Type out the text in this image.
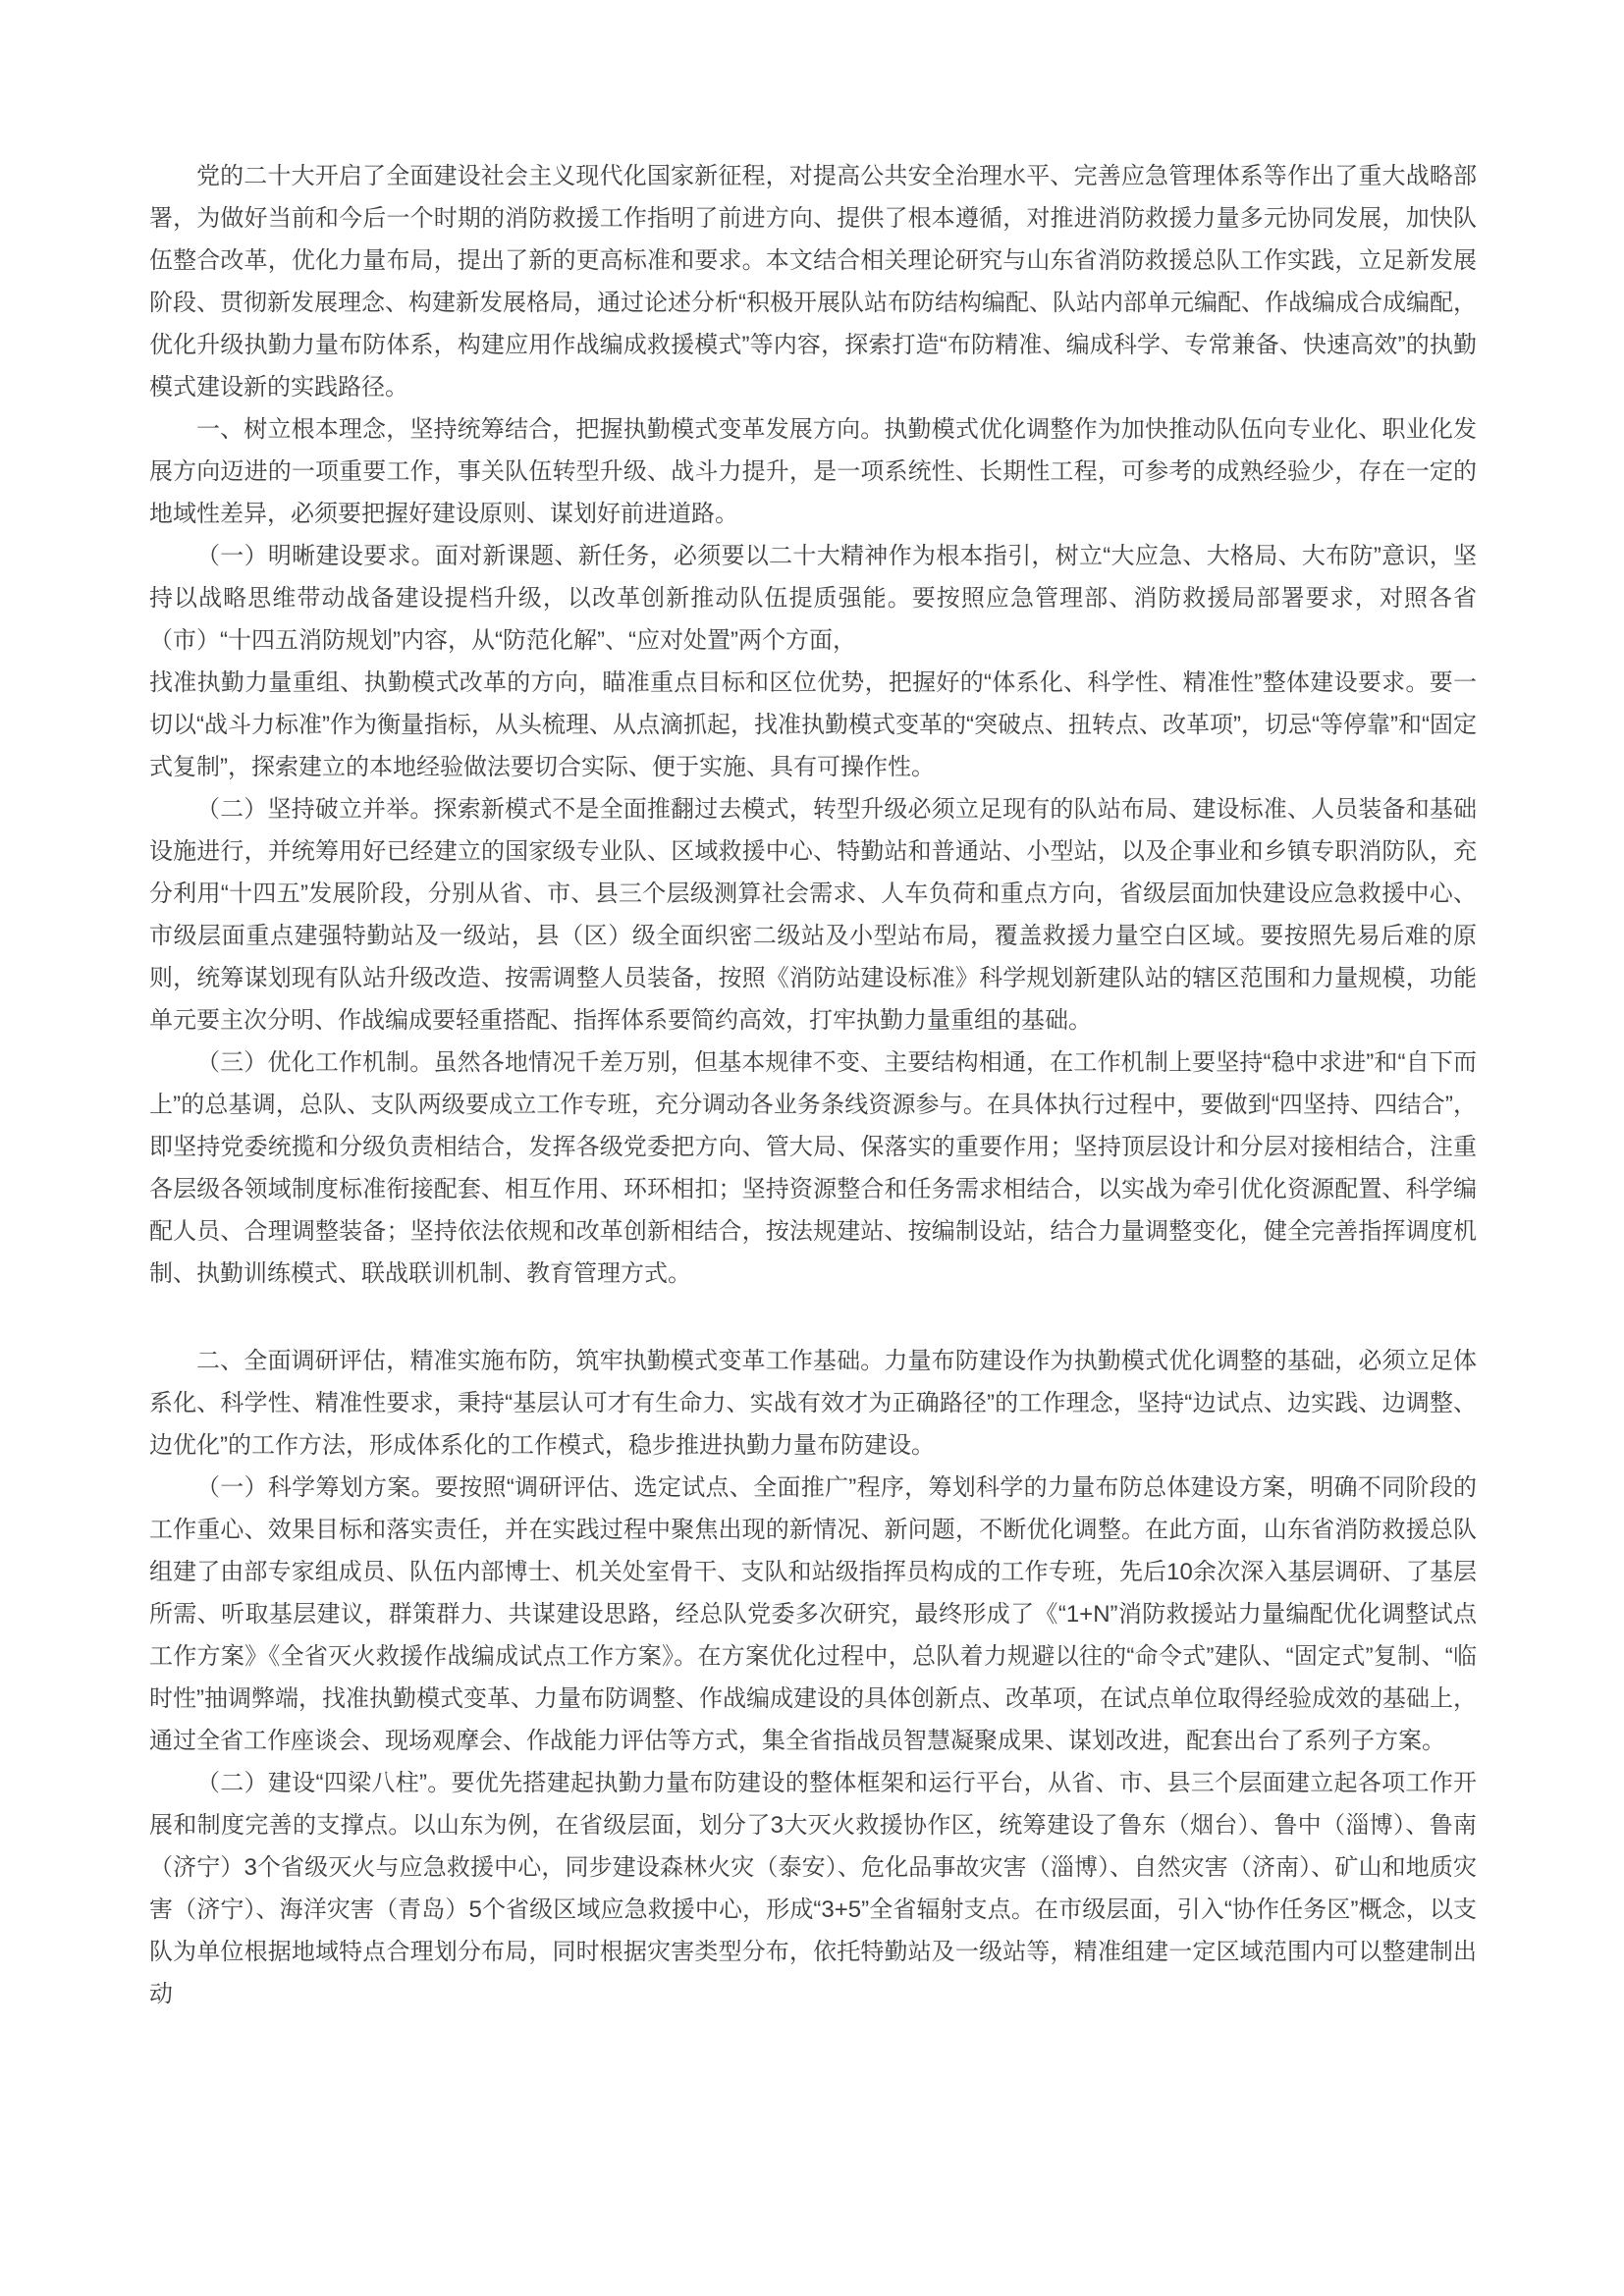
党的二十大开启了全面建设社会主义现代化国家新征程，对提高公共安全治理水平、完善应急管理体系等作出了重大战略部署，为做好当前和今后一个时期的消防救援工作指明了前进方向、提供了根本遵循，对推进消防救援力量多元协同发展，加快队伍整合改革，优化力量布局，提出了新的更高标准和要求。本文结合相关理论研究与山东省消防救援总队工作实践，立足新发展阶段、贯彻新发展理念、构建新发展格局，通过论述分析“积极开展队站布防结构编配、队站内部单元编配、作战编成合成编配，优化升级执勤力量布防体系，构建应用作战编成救援模式”等内容，探索打造“布防精准、编成科学、专常兼备、快速高效”的执勤模式建设新的实践路径。

一、树立根本理念，坚持统筹结合，把握执勤模式变革发展方向。执勤模式优化调整作为加快推动队伍向专业化、职业化发展方向迈进的一项重要工作，事关队伍转型升级、战斗力提升，是一项系统性、长期性工程，可参考的成熟经验少，存在一定的地域性差异，必须要把握好建设原则、谋划好前进道路。

（一）明晰建设要求。面对新课题、新任务，必须要以二十大精神作为根本指引，树立“大应急、大格局、大布防”意识，坚持以战略思维带动战备建设提档升级，以改革创新推动队伍提质强能。要按照应急管理部、消防救援局部署要求，对照各省（市）“十四五消防规划”内容，从“防范化解”、“应对处置”两个方面，

找准执勤力量重组、执勤模式改革的方向，瞄准重点目标和区位优势，把握好的“体系化、科学性、精准性”整体建设要求。要一切以“战斗力标准”作为衡量指标，从头梳理、从点滴抓起，找准执勤模式变革的“突破点、扭转点、改革项”，切忌“等停靠”和“固定式复制”，探索建立的本地经验做法要切合实际、便于实施、具有可操作性。

（二）坚持破立并举。探索新模式不是全面推翻过去模式，转型升级必须立足现有的队站布局、建设标准、人员装备和基础设施进行，并统筹用好已经建立的国家级专业队、区域救援中心、特勤站和普通站、小型站，以及企事业和乡镇专职消防队，充分利用“十四五”发展阶段，分别从省、市、县三个层级测算社会需求、人车负荷和重点方向，省级层面加快建设应急救援中心、市级层面重点建强特勤站及一级站，县（区）级全面织密二级站及小型站布局，覆盖救援力量空白区域。要按照先易后难的原则，统筹谋划现有队站升级改造、按需调整人员装备，按照《消防站建设标准》科学规划新建队站的辖区范围和力量规模，功能单元要主次分明、作战编成要轻重搭配、指挥体系要简约高效，打牢执勤力量重组的基础。

（三）优化工作机制。虽然各地情况千差万别，但基本规律不变、主要结构相通，在工作机制上要坚持“稳中求进”和“自下而上”的总基调，总队、支队两级要成立工作专班，充分调动各业务条线资源参与。在具体执行过程中，要做到“四坚持、四结合”，即坚持党委统揽和分级负责相结合，发挥各级党委把方向、管大局、保落实的重要作用；坚持顶层设计和分层对接相结合，注重各层级各领域制度标准衔接配套、相互作用、环环相扣；坚持资源整合和任务需求相结合，以实战为牵引优化资源配置、科学编配人员、合理调整装备；坚持依法依规和改革创新相结合，按法规建站、按编制设站，结合力量调整变化，健全完善指挥调度机制、执勤训练模式、联战联训机制、教育管理方式。

二、全面调研评估，精准实施布防，筑牢执勤模式变革工作基础。力量布防建设作为执勤模式优化调整的基础，必须立足体系化、科学性、精准性要求，秉持“基层认可才有生命力、实战有效才为正确路径”的工作理念，坚持“边试点、边实践、边调整、边优化”的工作方法，形成体系化的工作模式，稳步推进执勤力量布防建设。

（一）科学筹划方案。要按照“调研评估、选定试点、全面推广”程序，筹划科学的力量布防总体建设方案，明确不同阶段的工作重心、效果目标和落实责任，并在实践过程中聚焦出现的新情况、新问题，不断优化调整。在此方面，山东省消防救援总队组建了由部专家组成员、队伍内部博士、机关处室骨干、支队和站级指挥员构成的工作专班，先后10余次深入基层调研、了基层所需、听取基层建议，群策群力、共谋建设思路，经总队党委多次研究，最终形成了《“1+N”消防救援站力量编配优化调整试点工作方案》《全省灭火救援作战编成试点工作方案》。在方案优化过程中，总队着力规避以往的“命令式”建队、“固定式”复制、“临时性”抽调弊端，找准执勤模式变革、力量布防调整、作战编成建设的具体创新点、改革项，在试点单位取得经验成效的基础上，通过全省工作座谈会、现场观摩会、作战能力评估等方式，集全省指战员智慧凝聚成果、谋划改进，配套出台了系列子方案。

（二）建设“四梁八柱”。要优先搭建起执勤力量布防建设的整体框架和运行平台，从省、市、县三个层面建立起各项工作开展和制度完善的支撑点。以山东为例，在省级层面，划分了3大灭火救援协作区，统筹建设了鲁东（烟台）、鲁中（淄博）、鲁南（济宁）3个省级灭火与应急救援中心，同步建设森林火灾（泰安）、危化品事故灾害（淄博）、自然灾害（济南）、矿山和地质灾害（济宁）、海洋灾害（青岛）5个省级区域应急救援中心，形成“3+5”全省辐射支点。在市级层面，引入“协作任务区”概念，以支队为单位根据地域特点合理划分布局，同时根据灾害类型分布，依托特勤站及一级站等，精准组建一定区域范围内可以整建制出动
